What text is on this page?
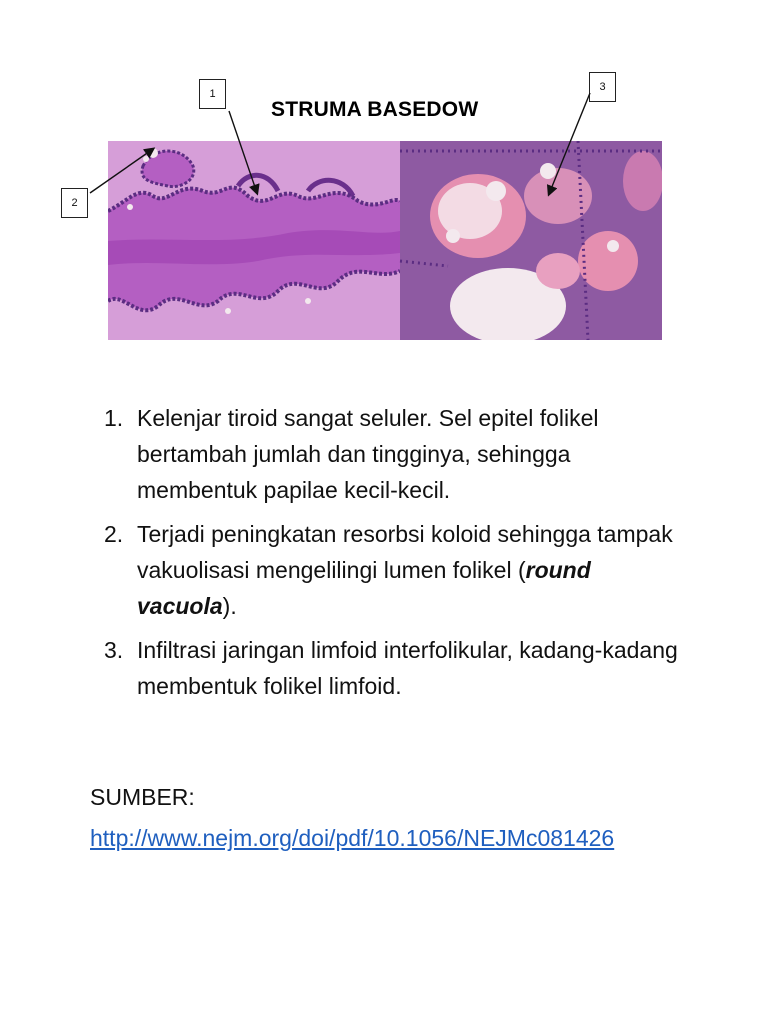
STRUMA BASEDOW
1
2
3
1. Kelenjar tiroid sangat seluler. Sel epitel folikel bertambah jumlah dan tingginya, sehingga membentuk papilae kecil-kecil.
2. Terjadi peningkatan resorbsi koloid sehingga tampak vakuolisasi mengelilingi lumen folikel (round vacuola).
3. Infiltrasi jaringan limfoid interfolikular, kadang-kadang membentuk folikel limfoid.
SUMBER:
http://www.nejm.org/doi/pdf/10.1056/NEJMc081426
